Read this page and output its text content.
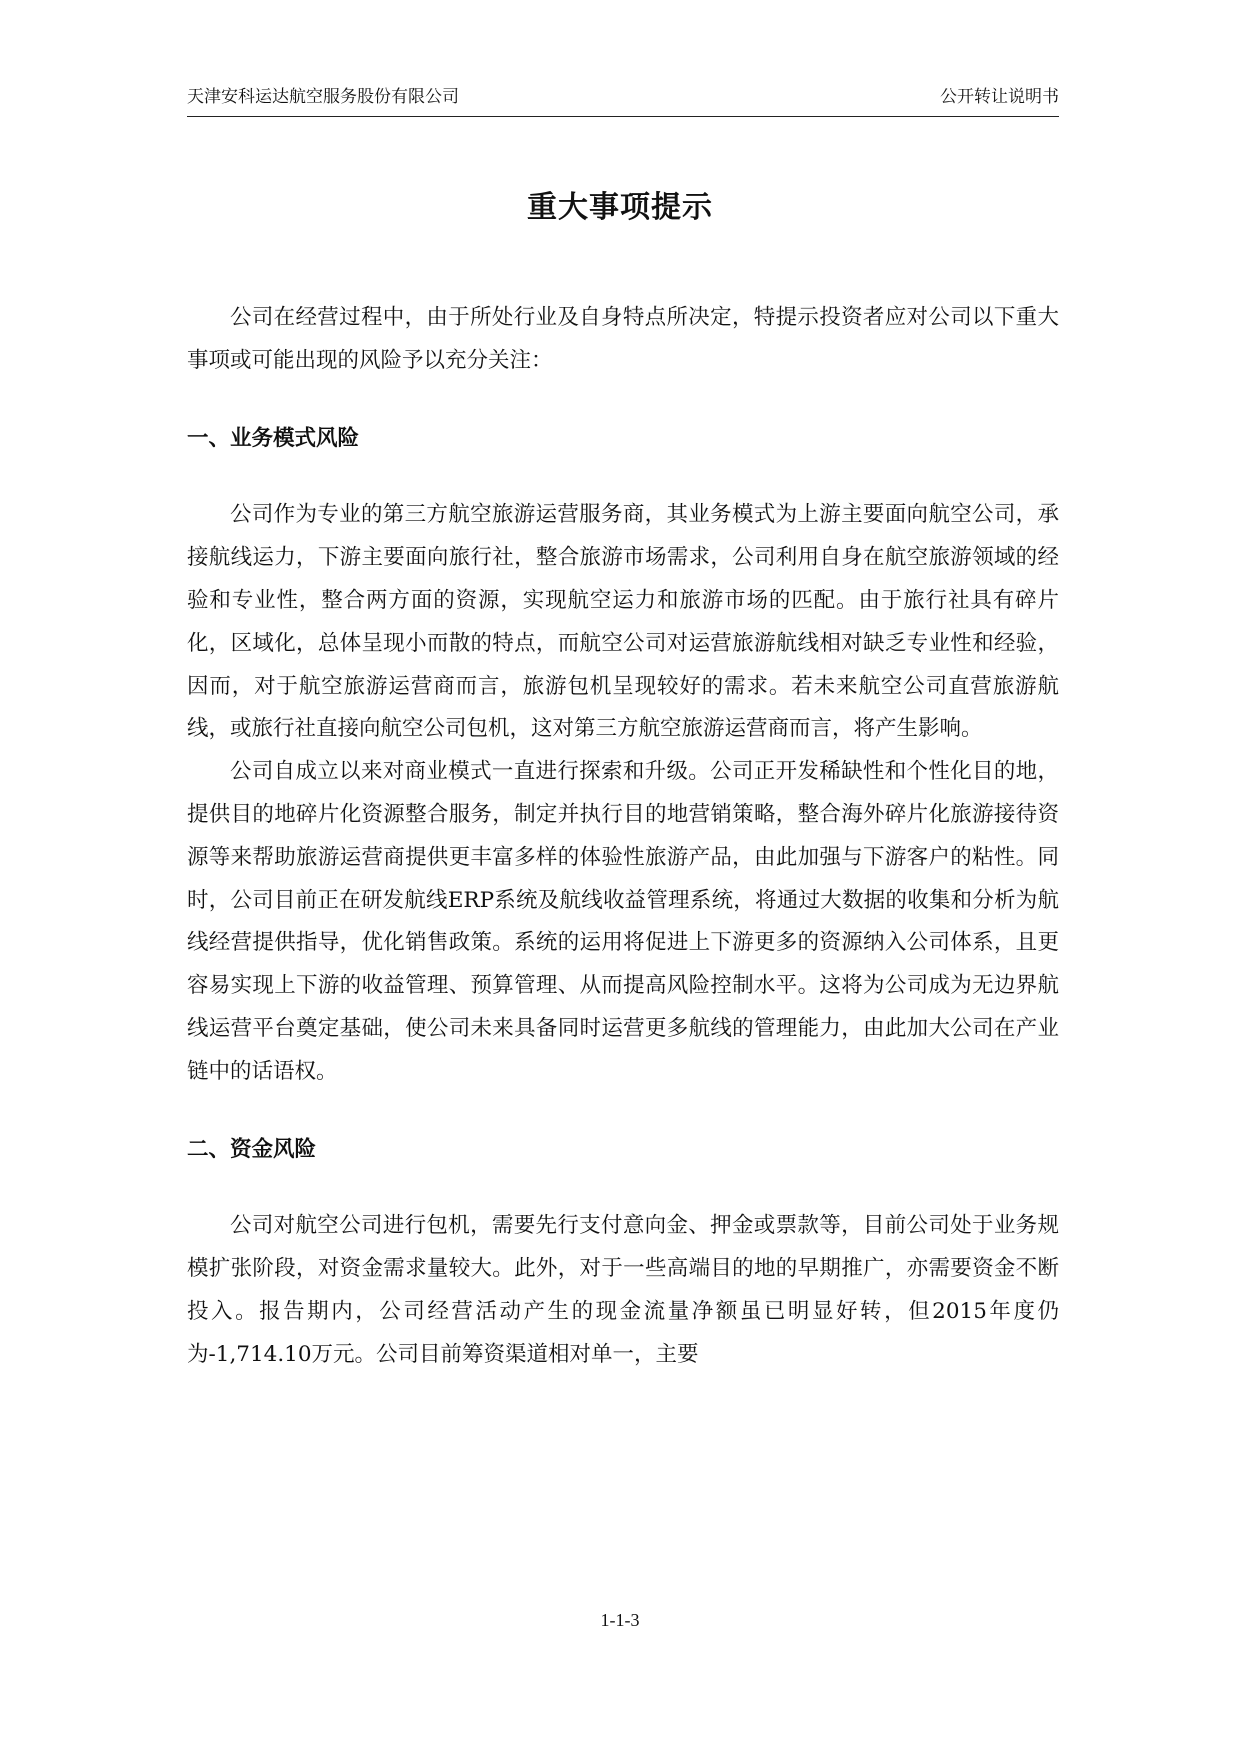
天津安科运达航空服务股份有限公司	公开转让说明书
重大事项提示

公司在经营过程中，由于所处行业及自身特点所决定，特提示投资者应对公司以下重大事项或可能出现的风险予以充分关注：

一、业务模式风险

公司作为专业的第三方航空旅游运营服务商，其业务模式为上游主要面向航空公司，承接航线运力，下游主要面向旅行社，整合旅游市场需求，公司利用自身在航空旅游领域的经验和专业性，整合两方面的资源，实现航空运力和旅游市场的匹配。由于旅行社具有碎片化，区域化，总体呈现小而散的特点，而航空公司对运营旅游航线相对缺乏专业性和经验，因而，对于航空旅游运营商而言，旅游包机呈现较好的需求。若未来航空公司直营旅游航线，或旅行社直接向航空公司包机，这对第三方航空旅游运营商而言，将产生影响。

公司自成立以来对商业模式一直进行探索和升级。公司正开发稀缺性和个性化目的地，提供目的地碎片化资源整合服务，制定并执行目的地营销策略，整合海外碎片化旅游接待资源等来帮助旅游运营商提供更丰富多样的体验性旅游产品，由此加强与下游客户的粘性。同时，公司目前正在研发航线ERP系统及航线收益管理系统，将通过大数据的收集和分析为航线经营提供指导，优化销售政策。系统的运用将促进上下游更多的资源纳入公司体系，且更容易实现上下游的收益管理、预算管理、从而提高风险控制水平。这将为公司成为无边界航线运营平台奠定基础，使公司未来具备同时运营更多航线的管理能力，由此加大公司在产业链中的话语权。

二、资金风险

公司对航空公司进行包机，需要先行支付意向金、押金或票款等，目前公司处于业务规模扩张阶段，对资金需求量较大。此外，对于一些高端目的地的早期推广，亦需要资金不断投入。报告期内，公司经营活动产生的现金流量净额虽已明显好转，但2015年度仍为-1,714.10万元。公司目前筹资渠道相对单一，主要

1-1-3
